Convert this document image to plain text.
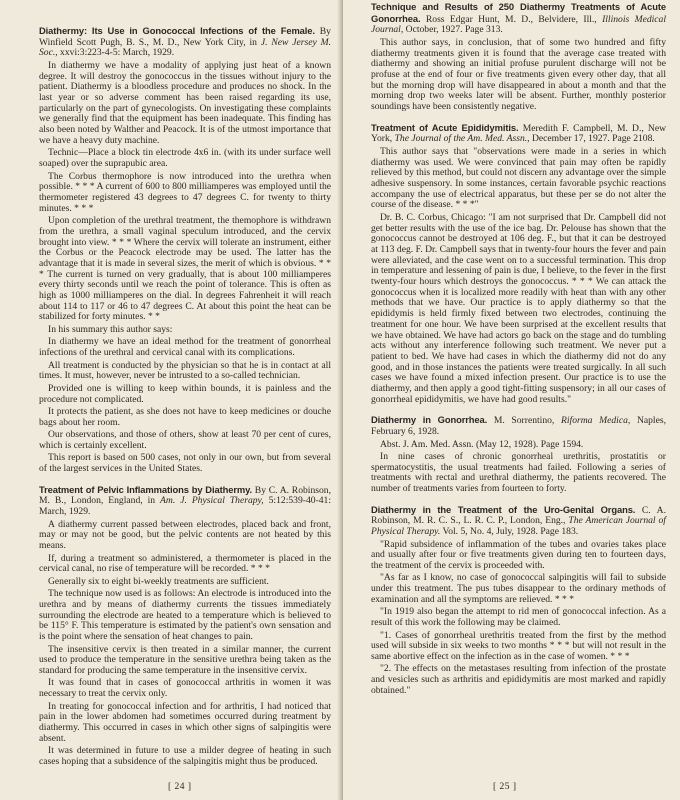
Diathermy: Its Use in Gonococcal Infections of the Female. By Winfield Scott Pugh, B. S., M. D., New York City, in J. New Jersey M. Soc., xxvi:3:223-4-5: March, 1929.

In diathermy we have a modality of applying just heat of a known degree. It will destroy the gonococcus in the tissues without injury to the patient. Diathermy is a bloodless procedure and produces no shock. In the last year or so adverse comment has been raised regarding its use, particularly on the part of gynecologists. On investigating these complaints we generally find that the equipment has been inadequate. This finding has also been noted by Walther and Peacock. It is of the utmost importance that we have a heavy duty machine.

Technic—Place a block tin electrode 4x6 in. (with its under surface well soaped) over the suprapubic area.

The Corbus thermophore is now introduced into the urethra when possible. * * * A current of 600 to 800 milliamperes was employed until the thermometer registered 43 degrees to 47 degrees C. for twenty to thirty minutes. * * *

Upon completion of the urethral treatment, the themophore is withdrawn from the urethra, a small vaginal speculum introduced, and the cervix brought into view. * * * Where the cervix will tolerate an instrument, either the Corbus or the Peacock electrode may be used. The latter has the advantage that it is made in several sizes, the merit of which is obvious. * * * The current is turned on very gradually, that is about 100 milliamperes every thirty seconds until we reach the point of tolerance. This is often as high as 1000 milliamperes on the dial. In degrees Fahrenheit it will reach about 114 to 117 or 46 to 47 degrees C. At about this point the heat can be stabilized for forty minutes. * *

In his summary this author says:

In diathermy we have an ideal method for the treatment of gonorrheal infections of the urethral and cervical canal with its complications.

All treatment is conducted by the physician so that he is in contact at all times. It must, however, never be intrusted to a so-called technician.

Provided one is willing to keep within bounds, it is painless and the procedure not complicated.

It protects the patient, as she does not have to keep medicines or douche bags about her room.

Our observations, and those of others, show at least 70 per cent of cures, which is certainly excellent.

This report is based on 500 cases, not only in our own, but from several of the largest services in the United States.

Treatment of Pelvic Inflammations by Diathermy. By C. A. Robinson, M. B., London, England, in Am. J. Physical Therapy, 5:12:539-40-41: March, 1929.

A diathermy current passed between electrodes, placed back and front, may or may not be good, but the pelvic contents are not heated by this means.

If, during a treatment so administered, a thermometer is placed in the cervical canal, no rise of temperature will be recorded. * * *

Generally six to eight bi-weekly treatments are sufficient.

The technique now used is as follows: An electrode is introduced into the urethra and by means of diathermy currents the tissues immediately surrounding the electrode are heated to a temperature which is believed to be 115° F. This temperature is estimated by the patient's own sensation and is the point where the sensation of heat changes to pain.

The insensitive cervix is then treated in a similar manner, the current used to produce the temperature in the sensitive urethra being taken as the standard for producing the same temperature in the insensitive cervix.

It was found that in cases of gonococcal arthritis in women it was necessary to treat the cervix only.

In treating for gonococcal infection and for arthritis, I had noticed that pain in the lower abdomen had sometimes occurred during treatment by diathermy. This occurred in cases in which other signs of salpingitis were absent.

It was determined in future to use a milder degree of heating in such cases hoping that a subsidence of the salpingitis might thus be produced.

[ 24 ]

Technique and Results of 250 Diathermy Treatments of Acute Gonorrhea. Ross Edgar Hunt, M. D., Belvidere, Ill., Illinois Medical Journal, October, 1927. Page 313.

This author says, in conclusion, that of some two hundred and fifty diathermy treatments given it is found that the average case treated with diathermy and showing an initial profuse purulent discharge will not be profuse at the end of four or five treatments given every other day, that all but the morning drop will have disappeared in about a month and that the morning drop two weeks later will be absent. Further, monthly posterior soundings have been consistently negative.

Treatment of Acute Epididymitis. Meredith F. Campbell, M. D., New York, The Journal of the Am. Med. Assn., December 17, 1927. Page 2108.

This author says that "observations were made in a series in which diathermy was used. We were convinced that pain may often be rapidly relieved by this method, but could not discern any advantage over the simple adhesive suspensory. In some instances, certain favorable psychic reactions accompany the use of electrical apparatus, but these per se do not alter the course of the disease. * * *"

Dr. B. C. Corbus, Chicago: "I am not surprised that Dr. Campbell did not get better results with the use of the ice bag. Dr. Pelouse has shown that the gonococcus cannot be destroyed at 106 deg. F., but that it can be destroyed at 113 deg. F. Dr. Campbell says that in twenty-four hours the fever and pain were alleviated, and the case went on to a successful termination. This drop in temperature and lessening of pain is due, I believe, to the fever in the first twenty-four hours which destroys the gonococcus. * * * We can attack the gonococcus when it is localized more readily with heat than with any other methods that we have. Our practice is to apply diathermy so that the epididymis is held firmly fixed between two electrodes, continuing the treatment for one hour. We have been surprised at the excellent results that we have obtained. We have had actors go back on the stage and do tumbling acts without any interference following such treatment. We never put a patient to bed. We have had cases in which the diathermy did not do any good, and in those instances the patients were treated surgically. In all such cases we have found a mixed infection present. Our practice is to use the diathermy, and then apply a good tight-fitting suspensory; in all our cases of gonorrheal epididymitis, we have had good results."

Diathermy in Gonorrhea. M. Sorrentino, Riforma Medica, Naples, February 6, 1928.

Abst. J. Am. Med. Assn. (May 12, 1928). Page 1594.

In nine cases of chronic gonorrheal urethritis, prostatitis or spermatocystitis, the usual treatments had failed. Following a series of treatments with rectal and urethral diathermy, the patients recovered. The number of treatments varies from fourteen to forty.

Diathermy in the Treatment of the Uro-Genital Organs. C. A. Robinson, M. R. C. S., L. R. C. P., London, Eng., The American Journal of Physical Therapy. Vol. 5, No. 4, July, 1928. Page 183.

"Rapid subsidence of inflammation of the tubes and ovaries takes place and usually after four or five treatments given during ten to fourteen days, the treatment of the cervix is proceeded with.

"As far as I know, no case of gonococcal salpingitis will fail to subside under this treatment. The pus tubes disappear to the ordinary methods of examination and all the symptoms are relieved. * * *

"In 1919 also began the attempt to rid men of gonococcal infection. As a result of this work the following may be claimed.

"1. Cases of gonorrheal urethritis treated from the first by the method used will subside in six weeks to two months * * * but will not result in the same abortive effect on the infection as in the case of women. * * *

"2. The effects on the metastases resulting from infection of the prostate and vesicles such as arthritis and epididymitis are most marked and rapidly obtained."

[ 25 ]
